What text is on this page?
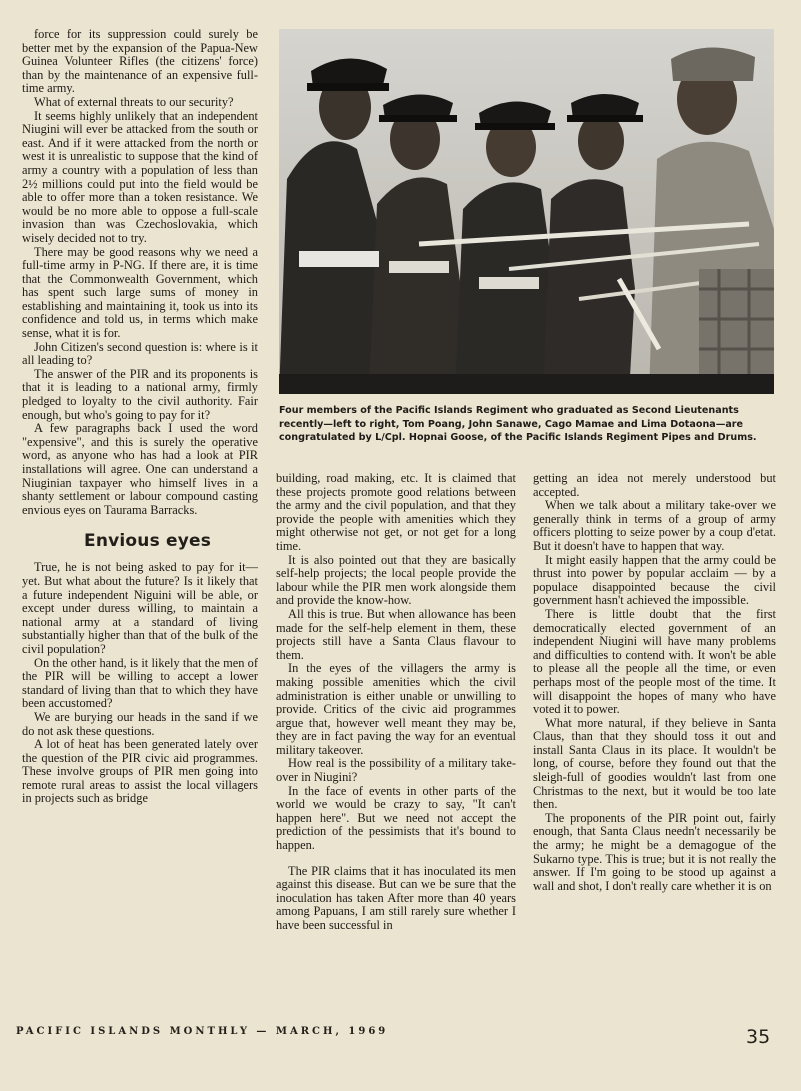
force for its suppression could surely be better met by the expansion of the Papua-New Guinea Volunteer Rifles (the citizens' force) than by the maintenance of an expensive full-time army.

What of external threats to our security?

It seems highly unlikely that an independent Niugini will ever be attacked from the south or east. And if it were attacked from the north or west it is unrealistic to suppose that the kind of army a country with a population of less than 2½ millions could put into the field would be able to offer more than a token resistance. We would be no more able to oppose a full-scale invasion than was Czechoslovakia, which wisely decided not to try.

There may be good reasons why we need a full-time army in P-NG. If there are, it is time that the Commonwealth Government, which has spent such large sums of money in establishing and maintaining it, took us into its confidence and told us, in terms which make sense, what it is for.

John Citizen's second question is: where is it all leading to?

The answer of the PIR and its proponents is that it is leading to a national army, firmly pledged to loyalty to the civil authority. Fair enough, but who's going to pay for it?

A few paragraphs back I used the word "expensive", and this is surely the operative word, as anyone who has had a look at PIR installations will agree. One can understand a Niuginian taxpayer who himself lives in a shanty settlement or labour compound casting envious eyes on Taurama Barracks.

Envious eyes

True, he is not being asked to pay for it—yet. But what about the future? Is it likely that a future independent Niguini will be able, or except under duress willing, to maintain a national army at a standard of living substantially higher than that of the bulk of the civil population?

On the other hand, is it likely that the men of the PIR will be willing to accept a lower standard of living than that to which they have been accustomed?

We are burying our heads in the sand if we do not ask these questions.

A lot of heat has been generated lately over the question of the PIR civic aid programmes. These involve groups of PIR men going into remote rural areas to assist the local villagers in projects such as bridge

Four members of the Pacific Islands Regiment who graduated as Second Lieutenants recently—left to right, Tom Poang, John Sanawe, Cago Mamae and Lima Dotaona—are congratulated by L/Cpl. Hopnai Goose, of the Pacific Islands Regiment Pipes and Drums.

building, road making, etc. It is claimed that these projects promote good relations between the army and the civil population, and that they provide the people with amenities which they might otherwise not get, or not get for a long time.

It is also pointed out that they are basically self-help projects; the local people provide the labour while the PIR men work alongside them and provide the know-how.

All this is true. But when allowance has been made for the self-help element in them, these projects still have a Santa Claus flavour to them.

In the eyes of the villagers the army is making possible amenities which the civil administration is either unable or unwilling to provide. Critics of the civic aid programmes argue that, however well meant they may be, they are in fact paving the way for an eventual military takeover.

How real is the possibility of a military take-over in Niugini?

In the face of events in other parts of the world we would be crazy to say, "It can't happen here". But we need not accept the prediction of the pessimists that it's bound to happen.

The PIR claims that it has inoculated its men against this disease. But can we be sure that the inoculation has taken After more than 40 years among Papuans, I am still rarely sure whether I have been successful in

getting an idea not merely understood but accepted.

When we talk about a military take-over we generally think in terms of a group of army officers plotting to seize power by a coup d'etat. But it doesn't have to happen that way.

It might easily happen that the army could be thrust into power by popular acclaim — by a populace disappointed because the civil government hasn't achieved the impossible.

There is little doubt that the first democratically elected government of an independent Niugini will have many problems and difficulties to contend with. It won't be able to please all the people all the time, or even perhaps most of the people most of the time. It will disappoint the hopes of many who have voted it to power.

What more natural, if they believe in Santa Claus, than that they should toss it out and install Santa Claus in its place. It wouldn't be long, of course, before they found out that the sleigh-full of goodies wouldn't last from one Christmas to the next, but it would be too late then.

The proponents of the PIR point out, fairly enough, that Santa Claus needn't necessarily be the army; he might be a demagogue of the Sukarno type. This is true; but it is not really the answer. If I'm going to be stood up against a wall and shot, I don't really care whether it is on

PACIFIC ISLANDS MONTHLY — MARCH, 1969	35
